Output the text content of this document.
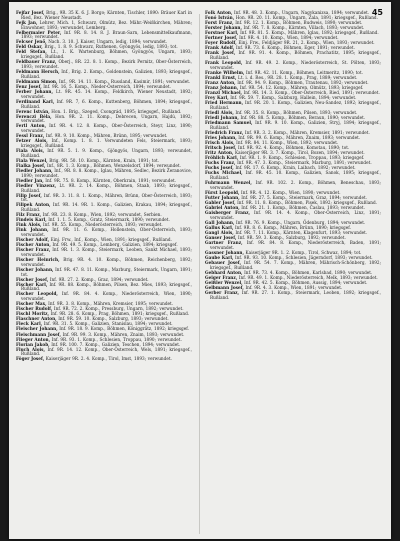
45
Fejfar Josef, Brig., 9R. 35 K. 6. J. Borgo; Kärnten, Tischler, 1890: Bräuer Karl in Ried, Bez. Wiener Neustadt.
Fejk Jan, Lehrer, Mich. 1, Schwarz, Olmütz, Bez. Mähr.-Weißkirchen, Mähren; Einwohner, 1893; verwundet, Lemberg.
Felbermaier Peter, Inf. 9R. 8. 14. 8. J. Braun-Sarn, Lebensmittelkaufmann, 1893; verwundet.
Felcser Jenő, Nach. 3. 10. J. Kaiser, Ungarn, ledig, 1894; verwundet.
Feld Oskar, Brig., 1. 8. 9. Schwarz, Ruthenen, Gyöngyös, ledig, 1893; tot.
Feld Stefan, Lt., 1. K. Wartenburg, Böhmen, Gyöngyös, Ungarn, 1893; kriegsgef., Rußland.
Feldbauer Franz, Oberj., 8R. 22. 8. 1. Komp., Bezirk Pernitz, Ober-Österreich, 1893; verwundet.
Feldmann Hersch, Inf., Brig. 2. Komp., Goldenstein, Galizien, 1893; kriegsgef., Rußland.
Feldmann Simon, Inf., 9R. 14. 11. Komp., Russland, Kasimir, 1891; verwundet.
Fenz Josef, Inf. 9R. 16, 5. Komp., Nieder-Österreich, 1894; verwundet.
Ferber Johann, Lt. 9R. 45. 14. Komp., Feldkirch, Wiener Neustadt, 1892; verwundet.
Ferdinand Karl, Inf. 9R. 7, 6. Komp., Kuttenberg, Böhmen, 1894; kriegsgef., Rußland.
Ferenc István, Hon. 1. Brig., Szeged, Csongrád, 1895; kriegsgef., Rußland.
Ferenczi Béla, Hon. 9R. 2. 11. Komp., Debrecen, Ungarn, Hajdú, 1892; verwundet.
Fertl Anton, Inf. 9R. 4. 12. 8. Komp., Ober-Österreich, Steyr, Linz, 1890; verwundet.
Fessl Franz, Inf. 9R. 9. 10. Komp., Mähren, Brünn, 1895; verwundet.
Fetzer Alois, Inf., Komp. 1. 8. 1. Verwundeten Fels, Steiermark, 1893; kriegsgef., Rußland.
Fiala Alois, Inf. 9R. 5. 1. 9. Komp., Gjöngyös, Ungarn, 1893; verwundet, Rußland.
Fiala Wenzel, Brig. 9R. 50. 10. Komp., Kärnten, Krain, 1891; tot.
Fialka Josef, Inf., 8R. 1. 3. Komp., Böhmen, Wenzelsdorf, 1894; verwundet.
Fiedler Johann, Inf., 9R. 8. 8. Komp., Iglau, Mähren, Sedlec, Bezirk Žeranovice, 1890; verwundet.
Fiedler Jan, Inf. 9R. 75. 8. Komp., Kärnten, Oberkrain, 1891; verwundet.
Fiedler Vinzenz, Lt. 9R. 2. 14. Komp., Böhmen, Staab, 1893; kriegsgef., Rußland.
Filip Josef, Inf. 9R. 3. 11. 8. 1. Komp., Mähren, Brünn, Ober-Österreich, 1893; tot.
Filipek Anton, Inf. 9R. 14. 9R. 1. Komp., Galizien, Krakau, 1894; kriegsgef., Rußland.
Filz Franz, Inf. 9R. 23. 8. Komp., Wien, 1892; verwundet, Serbien.
Findeis Karl, Inf. 1. 1. 5. Komp., Gratz, Steiermark, 1890; verwundet.
Fink Alois, Inf. 9R. 55. Komp., Niederösterreich, 1893; verwundet.
Fink Johann, Inf. 9R. 11. 6. Komp., Hollenstein, Ober-Österreich, 1893; verwundet.
Fischer Adolf, Einj. Frw., Inf., Komp., Wien, 1891; kriegsgef., Rußland.
Fischer Anton, Inf. 9R. 49. 5. Komp., Lemberg, Galizien, 1894; kriegsgef.
Fischer Franz, Inf. 9R. 1. 3. Komp., Steiermark, Leoben, Sankt Michael, 1893; verwundet.
Fischer Heinrich, Brig. 9R. 4. 10. Komp., Böhmen, Reichenberg, 1892; verwundet.
Fischer Johann, Inf. 9R. 47. 8. 11. Komp., Marburg, Steiermark, Ungarn, 1891; tot.
Fischer Josef, Inf. 9R. 27. 2. Komp., Graz, 1894; verwundet.
Fischer Karl, Inf. 9R. 88. Komp., Böhmen, Pilsen, Bez. Mies, 1893; kriegsgef., Rußland.
Fischer Leopold, Inf. 9R. 84. 4. Komp., Niederösterreich, Wien, 1890; verwundet.
Fischer Max, Inf. 9R. 3. 8. Komp., Mähren, Kremsier, 1895; verwundet.
Fischer Rudolf, Inf. 9R. 72. 2. Komp., Pressburg, Ungarn, 1892; verwundet.
Fischl Moritz, Inf. 9R. 28. 6. Komp., Prag, Böhmen, 1891; kriegsgef., Rußland.
Flaschner Anton, Inf. 9R. 59. 10. Komp., Salzburg, 1893; verwundet.
Fleck Karl, Inf. 9R. 31. 5. Komp., Galizien, Stanislau, 1894; verwundet.
Fleischer Johann, Inf. 9R. 18. 9. Komp., Böhmen, Königgrätz, 1892; kriegsgef.
Fleischmann Josef, Inf. 9R. 99. 3. Komp., Mähren, Znaim, 1893; verwundet.
Flieger Anton, Inf. 9R. 93. 1. Komp., Schlesien, Troppau, 1890; verwundet.
Florian Jakob, Inf. 9R. 100. 7. Komp., Galizien, Teschen, 1894; verwundet.
Fluch Alois, Inf. 9R. 14. 12. Komp., Ober-Österreich, Wels, 1891; kriegsgef., Rußland.
Föger Josef, Kaiserjäger 9R. 2. 4. Komp., Tirol, Imst, 1893; verwundet.
Folk Anton, Inf. 9R. 48. 3. Komp., Ungarn, Nagykanizsa, 1894; verwundet.
Fonó István, Hon. 9R. 20. 11. Komp., Ungarn, Zala, 1891; kriegsgef., Rußland.
Forst Franz, Inf. 9R. 12. 1. Komp., Böhmen, Budweis, 1890; verwundet.
Forster Johann, Inf. 9R. 7. 8. Komp., Kärnten, Villach, 1893; verwundet.
Forstner Karl, Inf. 9R. 81. 5. Komp., Mähren, Iglau, 1892; kriegsgef., Rußland.
Fortner Josef, Inf. 9R. 4. 10. Komp., Wien, 1894; verwundet.
Foyer Rudolf, Einj. Frw., Feldjäger 9R. 21, 2. Komp., Wien, 1893; verwundet.
Frank Adolf, Inf. 9R. 73. 6. Komp., Böhmen, Eger, 1891; verwundet.
Frank Josef, Inf. 9R. 91. 4. Komp., Böhmen, Prachatitz, 1895; kriegsgef., Rußland.
Frank Leopold, Inf. 9R. 49. 2. Komp., Niederösterreich, St. Pölten, 1893; verwundet.
Franke Wilhelm, Inf. 9R. 42. 11. Komp., Böhmen, Leitmeritz, 1890; tot.
Frankl Ernst, Lt. i. d. Res., 9R. 28. 1. Komp., Prag, 1889; verwundet.
Franz Anton, Inf. 9R. 94. 9. Komp., Böhmen, Trautenau, 1892; verwundet.
Franz Johann, Inf. 9R. 54. 12. Komp., Mähren, Olmütz, 1893; kriegsgef.
Franzl Michael, Inf. 9R. 14. 3. Komp., Ober-Österreich, Ried, 1891; verwundet.
Frey Karl, Inf. 9R. 59. 7. Komp., Salzburg, Hallein, 1894; verwundet.
Fried Hermann, Inf. 9R. 20. 1. Komp., Galizien, Neu-Sandez, 1892; kriegsgef., Rußland.
Friedl Alois, Inf. 9R. 35. 8. Komp., Böhmen, Pilsen, 1893; verwundet.
Friedl Johann, Inf. 9R. 88. 5. Komp., Böhmen, Beraun, 1890; verwundet.
Friedmann Samuel, Inf. 9R. 9. 10. Komp., Galizien, Stryj, 1894; kriegsgef., Rußland.
Friedrich Franz, Inf. 9R. 3. 2. Komp., Mähren, Kremsier, 1891; verwundet.
Fries Johann, Inf. 9R. 99. 6. Komp., Mähren, Znaim, 1893; verwundet.
Frisch Alois, Inf. 9R. 84. 11. Komp., Wien, 1892; verwundet.
Fritsch Josef, Inf. 9R. 92. 4. Komp., Böhmen, Komotau, 1890; tot.
Fritz Anton, Kaiserjäger 9R. 3. 7. Komp., Tirol, Bozen, 1894; verwundet.
Fröhlich Karl, Inf. 9R. 1. 9. Komp., Schlesien, Troppau, 1893; kriegsgef.
Fuchs Franz, Inf. 9R. 47. 3. Komp., Steiermark, Marburg, 1891; verwundet.
Fuchs Josef, Inf. 9R. 17. 6. Komp., Krain, Laibach, 1892; verwundet.
Fuchs Michael, Inf. 9R. 45. 10. Komp., Galizien, Sanok, 1895; kriegsgef., Rußland.
Fuhrmann Wenzel, Inf. 9R. 102. 2. Komp., Böhmen, Beneschau, 1893; verwundet.
Fürst Leopold, Inf. 9R. 4. 12. Komp., Wien, 1890; verwundet.
Futter Johann, Inf. 9R. 27. 5. Komp., Steiermark, Graz, 1894; verwundet.
Gabler Josef, Inf. 9R. 11. 8. Komp., Böhmen, Pisek, 1892; kriegsgef., Rußland.
Gabriel Anton, Inf. 9R. 21. 1. Komp., Böhmen, Časlau, 1893; verwundet.
Gaisberger Franz, Inf. 9R. 14. 4. Komp., Ober-Österreich, Linz, 1891; verwundet.
Gall Johann, Inf. 9R. 76. 9. Komp., Ungarn, Ödenburg, 1894; verwundet.
Gallus Karl, Inf. 9R. 8. 6. Komp., Mähren, Brünn, 1890; kriegsgef.
Gangl Alois, Inf. 9R. 7. 11. Komp., Kärnten, Klagenfurt, 1893; verwundet.
Ganser Josef, Inf. 9R. 59. 3. Komp., Salzburg, 1892; verwundet.
Gartner Franz, Inf. 9R. 84. 8. Komp., Niederösterreich, Baden, 1891; verwundet.
Gassner Johann, Kaiserjäger 9R. 1. 2. Komp., Tirol, Schwaz, 1894; tot.
Gaube Karl, Inf. 9R. 93. 10. Komp., Schlesien, Jägerndorf, 1893; verwundet.
Gebauer Josef, Inf. 9R. 54. 7. Komp., Mähren, Mährisch-Schönberg, 1892; kriegsgef., Rußland.
Gebhard Anton, Inf. 9R. 73. 4. Komp., Böhmen, Karlsbad, 1890; verwundet.
Geiger Franz, Inf. 9R. 49. 1. Komp., Niederösterreich, Melk, 1893; verwundet.
Geißler Wenzel, Inf. 9R. 42. 5. Komp., Böhmen, Aussig, 1894; verwundet.
Gelbmann Josef, Inf. 9R. 4. 3. Komp., Wien, 1891; verwundet.
Gerber Franz, Inf. 9R. 27. 1. Komp., Steiermark, Leoben, 1892; kriegsgef., Rußland.
